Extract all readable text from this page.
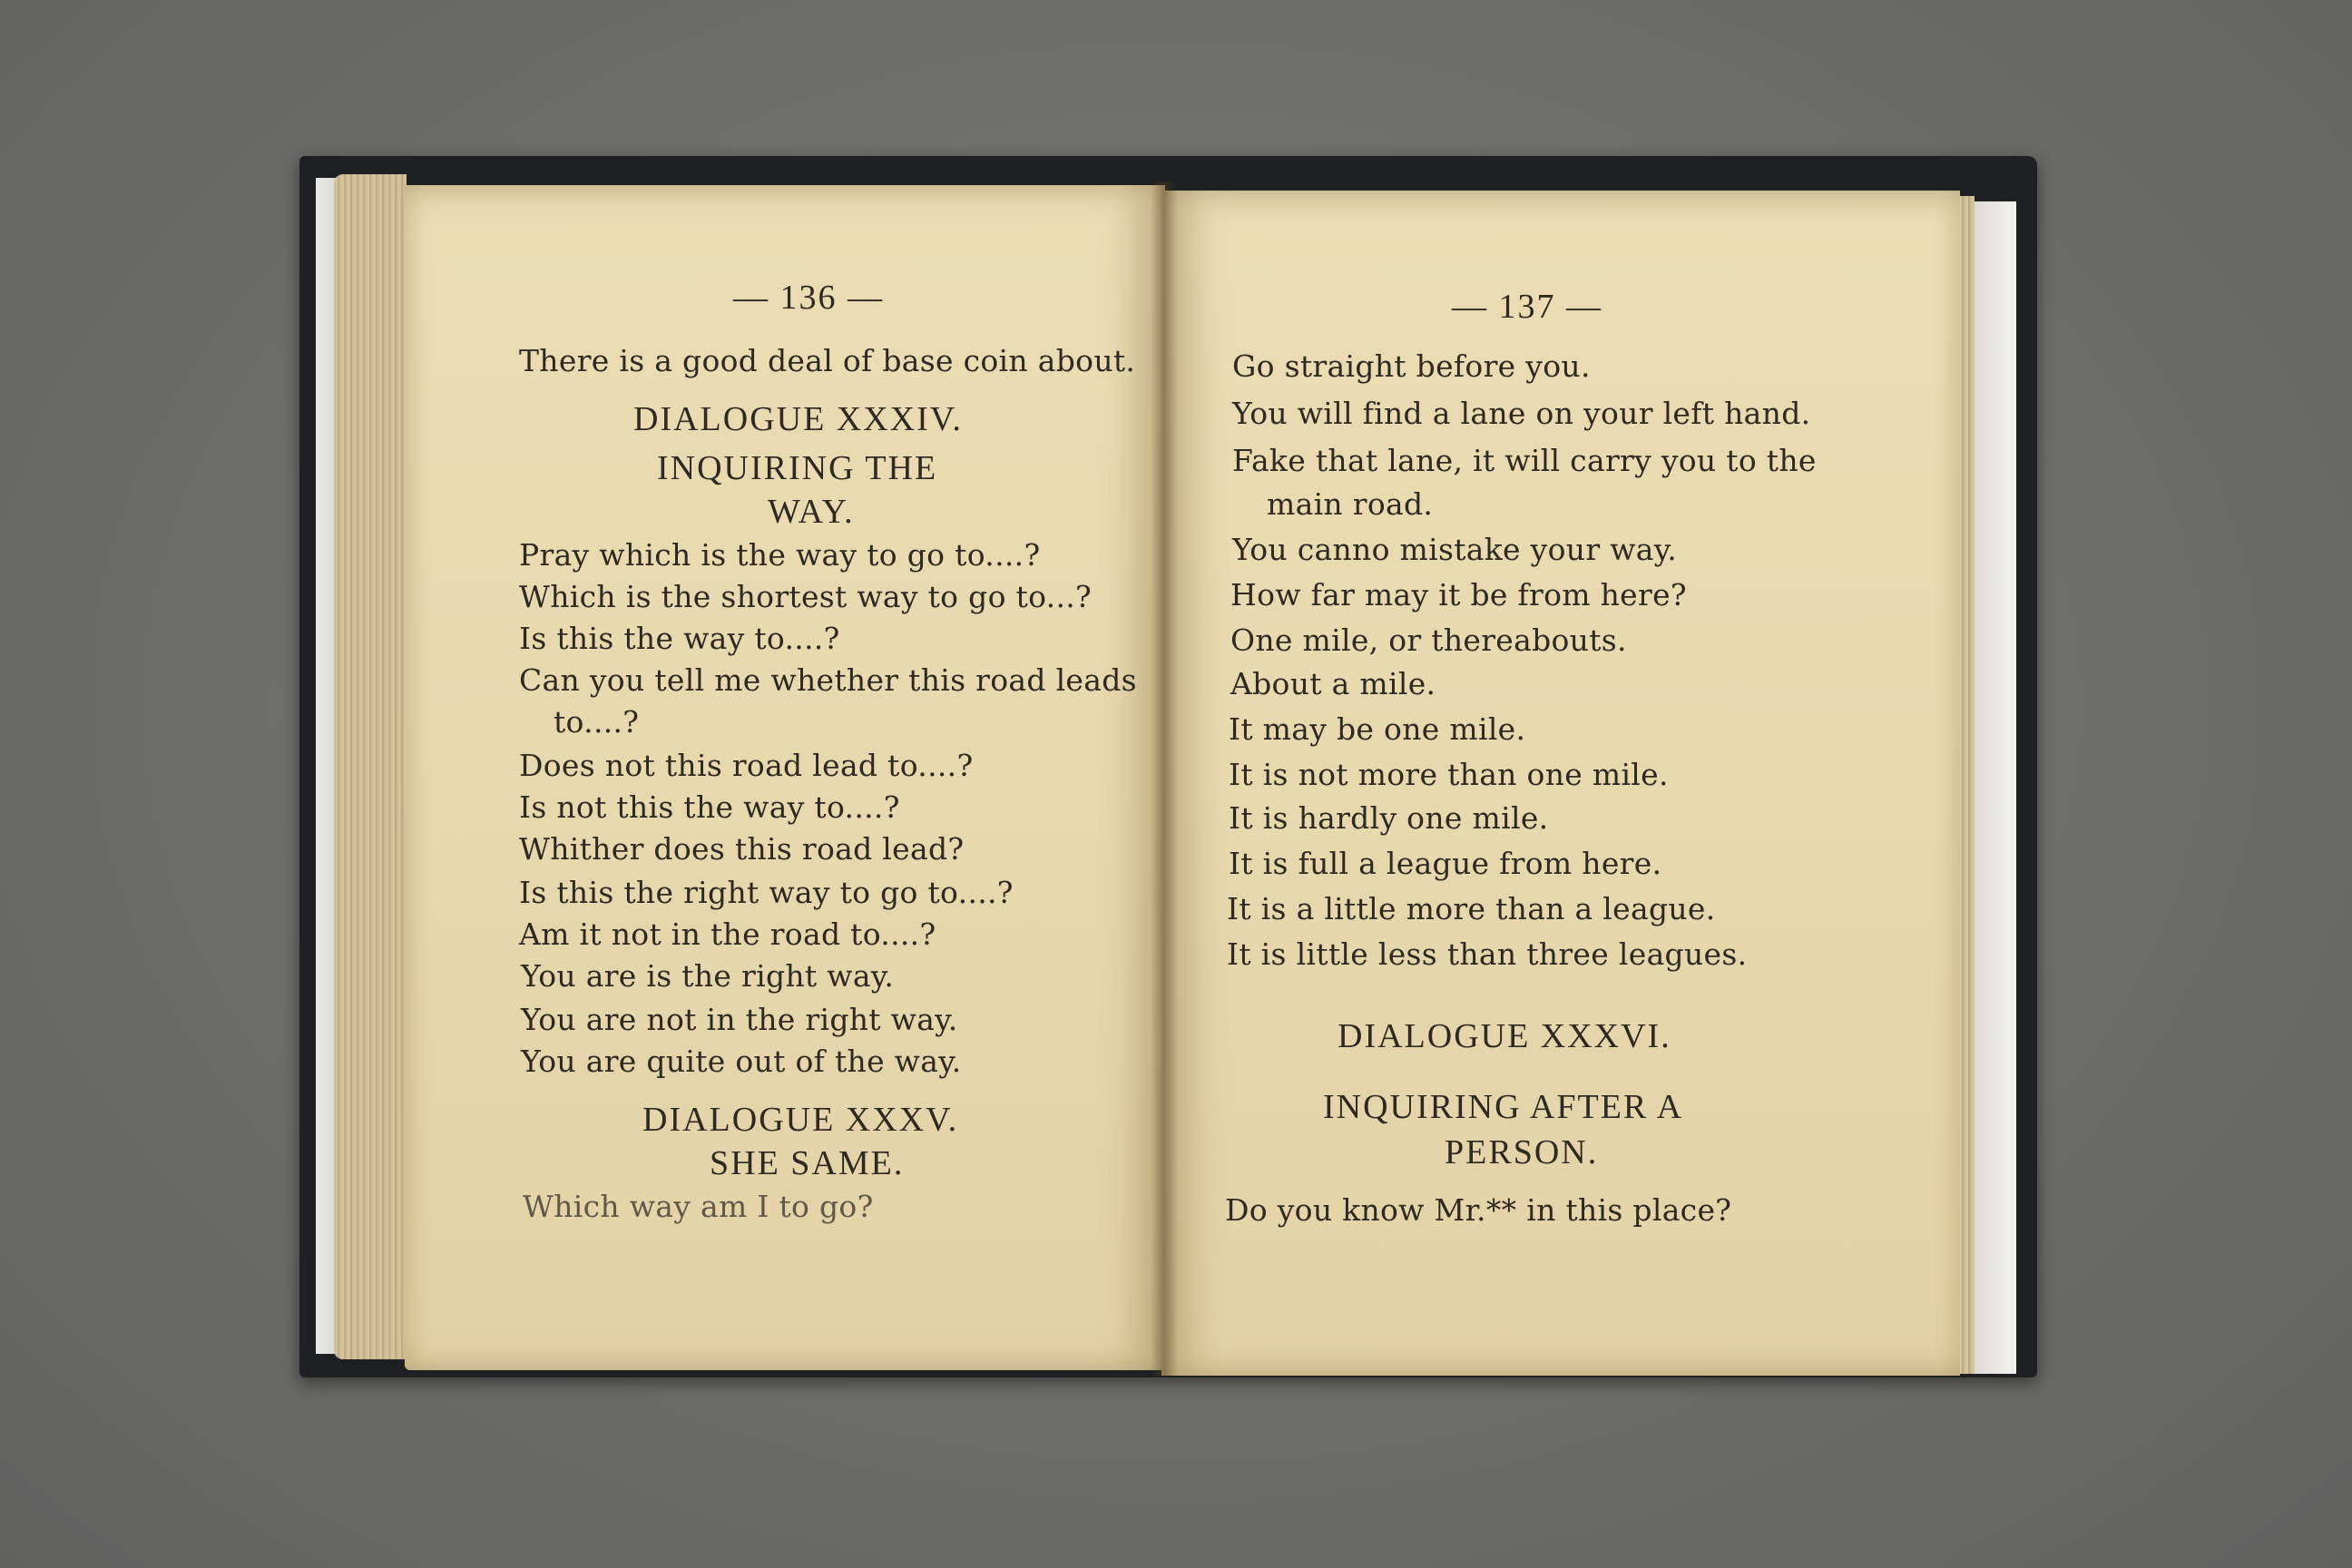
— 136 —
There is a good deal of base coin about.
DIALOGUE XXXIV.
INQUIRING THE
WAY.
Pray which is the way to go to....?
Which is the shortest way to go to...?
Is this the way to....?
Can you tell me whether this road leads
to....?
Does not this road lead to....?
Is not this the way to....?
Whither does this road lead?
Is this the right way to go to....?
Am it not in the road to....?
You are is the right way.
You are not in the right way.
You are quite out of the way.
DIALOGUE XXXV.
SHE SAME.
Which way am I to go?
— 137 —
Go straight before you.
You will find a lane on your left hand.
Fake that lane, it will carry you to the
main road.
You canno mistake your way.
How far may it be from here?
One mile, or thereabouts.
About a mile.
It may be one mile.
It is not more than one mile.
It is hardly one mile.
It is full a league from here.
It is a little more than a league.
It is little less than three leagues.
DIALOGUE XXXVI.
INQUIRING AFTER A
PERSON.
Do you know Mr.** in this place?
